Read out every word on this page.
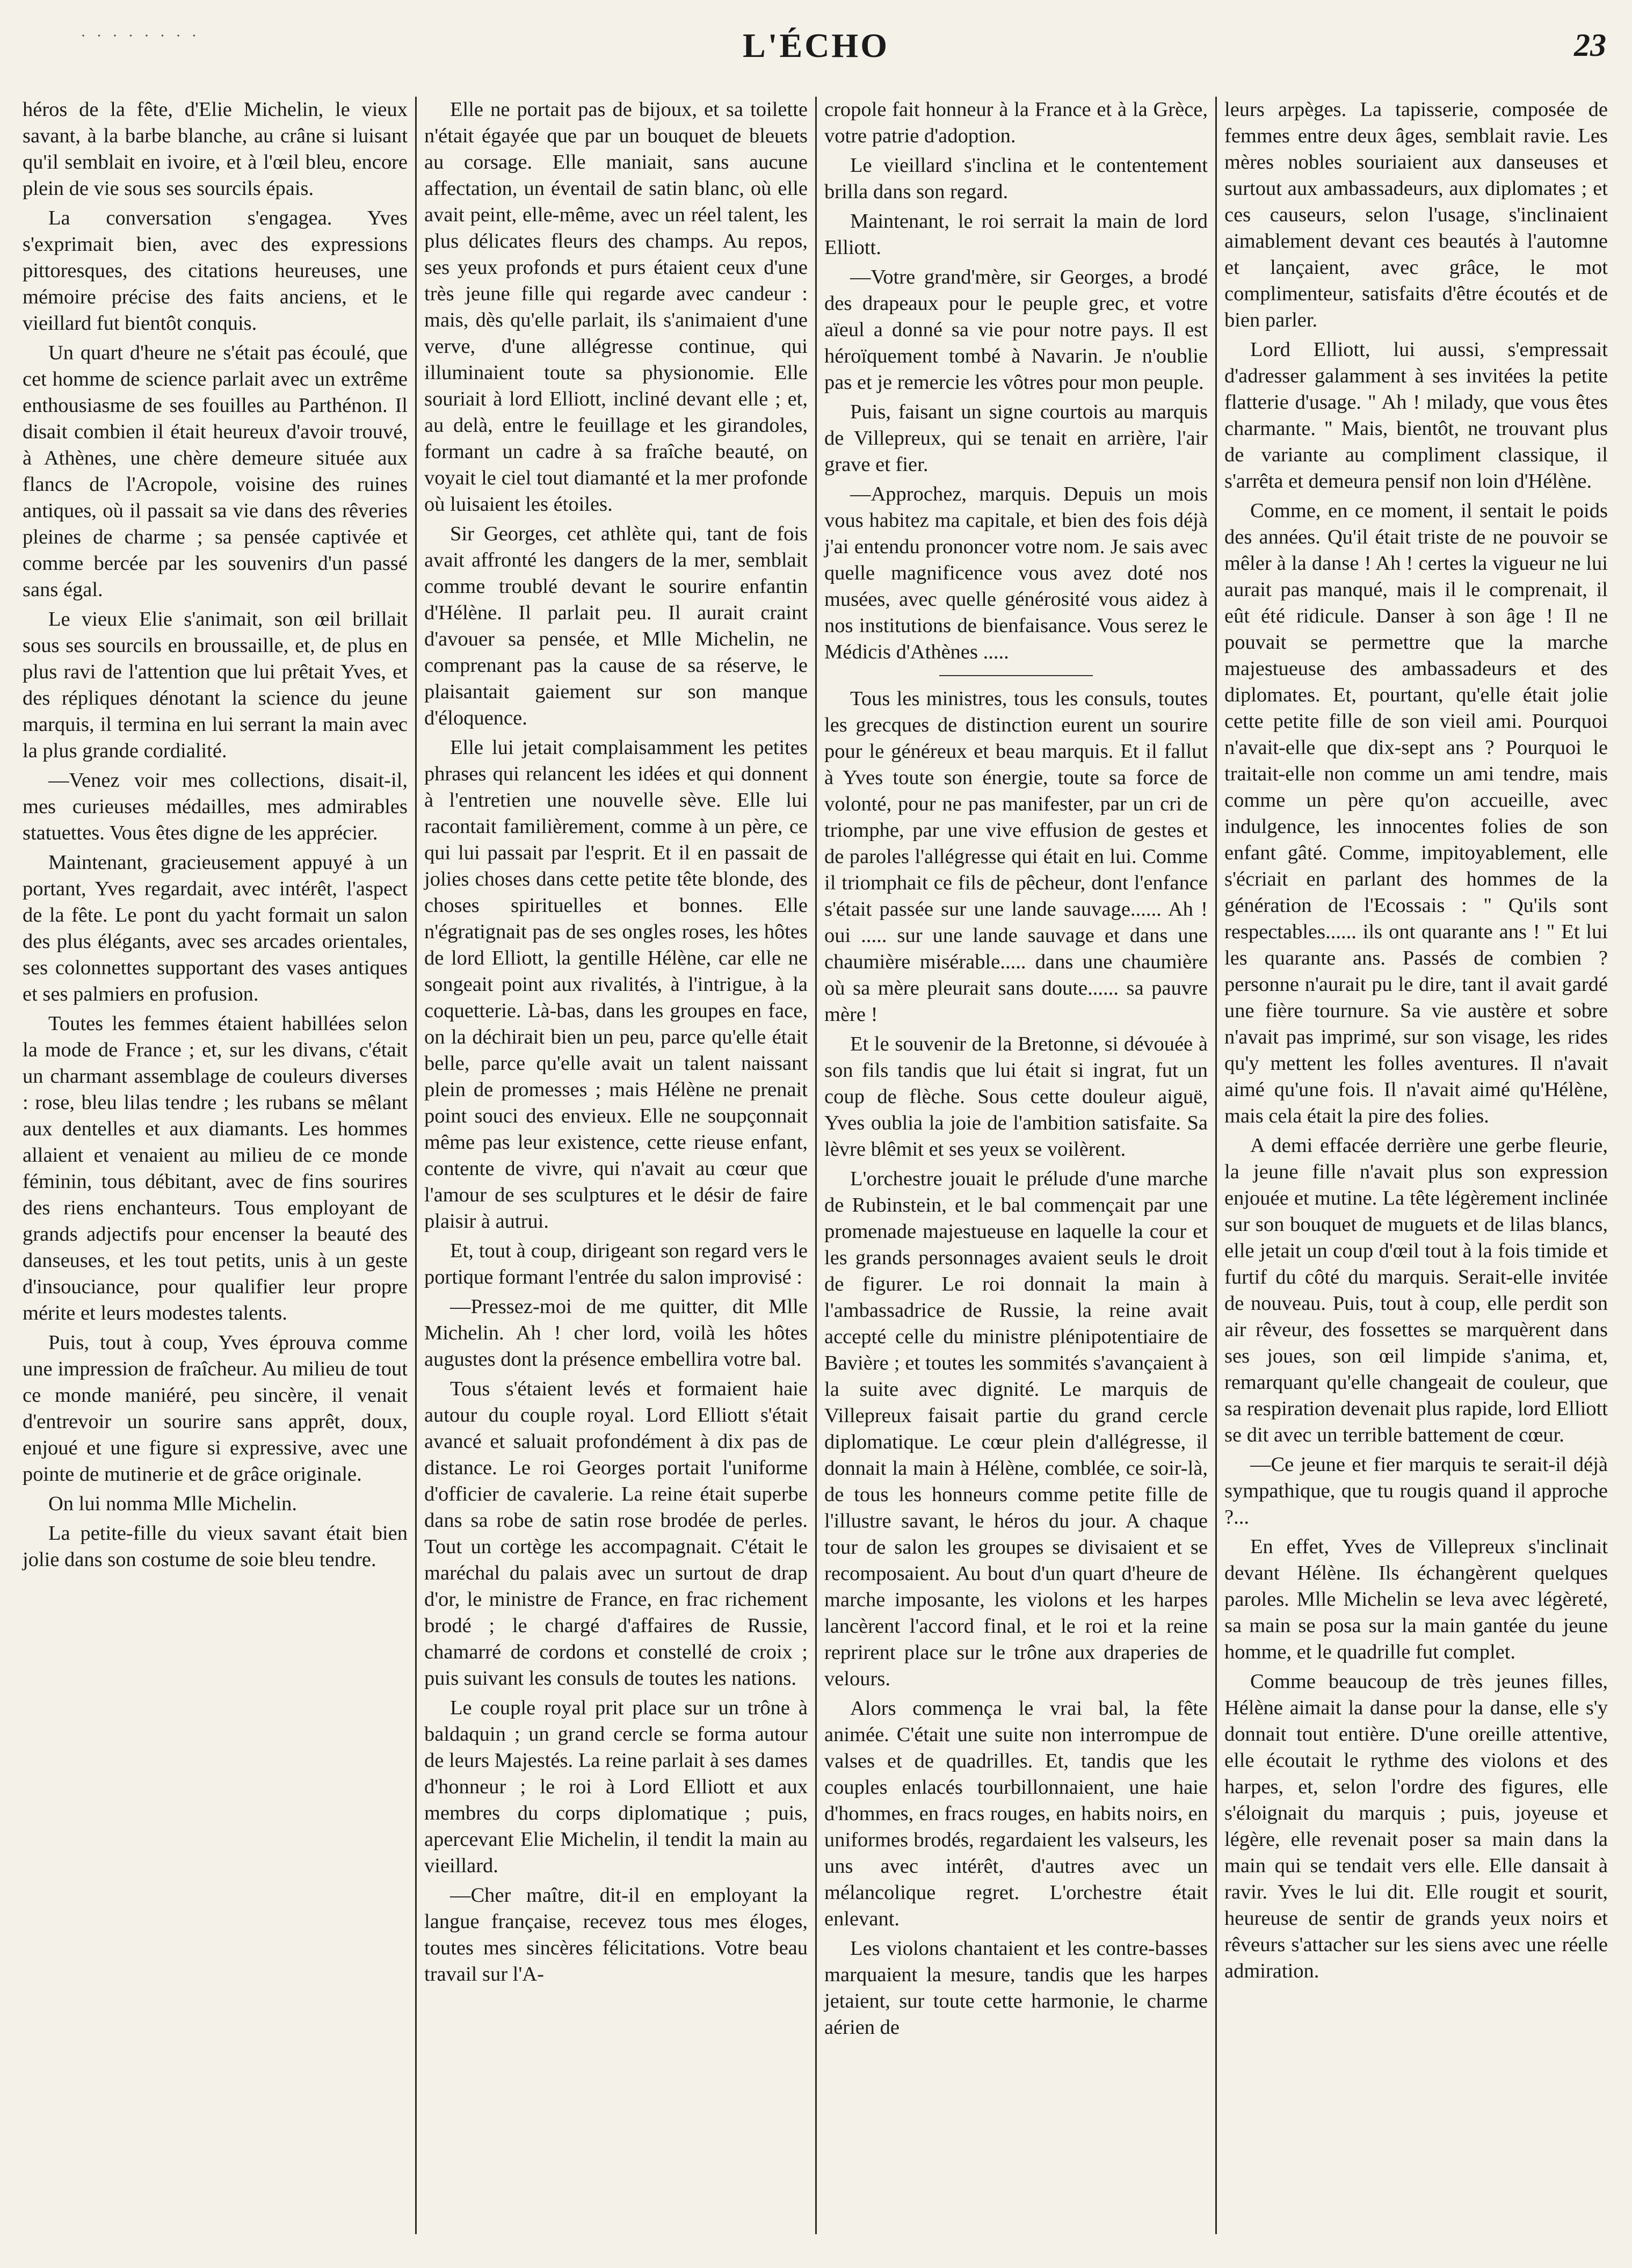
· · · · · · · ·	L'ÉCHO	23

héros de la fête, d'Elie Michelin, le vieux savant, à la barbe blanche, au crâne si luisant qu'il semblait en ivoire, et à l'œil bleu, encore plein de vie sous ses sourcils épais.

La conversation s'engagea. Yves s'exprimait bien, avec des expressions pittoresques, des citations heureuses, une mémoire précise des faits anciens, et le vieillard fut bientôt conquis.

Un quart d'heure ne s'était pas écoulé, que cet homme de science parlait avec un extrême enthousiasme de ses fouilles au Parthénon. Il disait combien il était heureux d'avoir trouvé, à Athènes, une chère demeure située aux flancs de l'Acropole, voisine des ruines antiques, où il passait sa vie dans des rêveries pleines de charme ; sa pensée captivée et comme bercée par les souvenirs d'un passé sans égal.

Le vieux Elie s'animait, son œil brillait sous ses sourcils en broussaille, et, de plus en plus ravi de l'attention que lui prêtait Yves, et des répliques dénotant la science du jeune marquis, il termina en lui serrant la main avec la plus grande cordialité.

—Venez voir mes collections, disait-il, mes curieuses médailles, mes admirables statuettes. Vous êtes digne de les apprécier.

Maintenant, gracieusement appuyé à un portant, Yves regardait, avec intérêt, l'aspect de la fête. Le pont du yacht formait un salon des plus élégants, avec ses arcades orientales, ses colonnettes supportant des vases antiques et ses palmiers en profusion.

Toutes les femmes étaient habillées selon la mode de France ; et, sur les divans, c'était un charmant assemblage de couleurs diverses : rose, bleu lilas tendre ; les rubans se mêlant aux dentelles et aux diamants. Les hommes allaient et venaient au milieu de ce monde féminin, tous débitant, avec de fins sourires des riens enchanteurs. Tous employant de grands adjectifs pour encenser la beauté des danseuses, et les tout petits, unis à un geste d'insouciance, pour qualifier leur propre mérite et leurs modestes talents.

Puis, tout à coup, Yves éprouva comme une impression de fraîcheur. Au milieu de tout ce monde maniéré, peu sincère, il venait d'entrevoir un sourire sans apprêt, doux, enjoué et une figure si expressive, avec une pointe de mutinerie et de grâce originale.

On lui nomma Mlle Michelin.

La petite-fille du vieux savant était bien jolie dans son costume de soie bleu tendre.

Elle ne portait pas de bijoux, et sa toilette n'était égayée que par un bouquet de bleuets au corsage. Elle maniait, sans aucune affectation, un éventail de satin blanc, où elle avait peint, elle-même, avec un réel talent, les plus délicates fleurs des champs. Au repos, ses yeux profonds et purs étaient ceux d'une très jeune fille qui regarde avec candeur : mais, dès qu'elle parlait, ils s'animaient d'une verve, d'une allégresse continue, qui illuminaient toute sa physionomie. Elle souriait à lord Elliott, incliné devant elle ; et, au delà, entre le feuillage et les girandoles, formant un cadre à sa fraîche beauté, on voyait le ciel tout diamanté et la mer profonde où luisaient les étoiles.

Sir Georges, cet athlète qui, tant de fois avait affronté les dangers de la mer, semblait comme troublé devant le sourire enfantin d'Hélène. Il parlait peu. Il aurait craint d'avouer sa pensée, et Mlle Michelin, ne comprenant pas la cause de sa réserve, le plaisantait gaiement sur son manque d'éloquence.

Elle lui jetait complaisamment les petites phrases qui relancent les idées et qui donnent à l'entretien une nouvelle sève. Elle lui racontait familièrement, comme à un père, ce qui lui passait par l'esprit. Et il en passait de jolies choses dans cette petite tête blonde, des choses spirituelles et bonnes. Elle n'égratignait pas de ses ongles roses, les hôtes de lord Elliott, la gentille Hélène, car elle ne songeait point aux rivalités, à l'intrigue, à la coquetterie. Là-bas, dans les groupes en face, on la déchirait bien un peu, parce qu'elle était belle, parce qu'elle avait un talent naissant plein de promesses ; mais Hélène ne prenait point souci des envieux. Elle ne soupçonnait même pas leur existence, cette rieuse enfant, contente de vivre, qui n'avait au cœur que l'amour de ses sculptures et le désir de faire plaisir à autrui.

Et, tout à coup, dirigeant son regard vers le portique formant l'entrée du salon improvisé :

—Pressez-moi de me quitter, dit Mlle Michelin. Ah ! cher lord, voilà les hôtes augustes dont la présence embellira votre bal.

Tous s'étaient levés et formaient haie autour du couple royal. Lord Elliott s'était avancé et saluait profondément à dix pas de distance. Le roi Georges portait l'uniforme d'officier de cavalerie. La reine était superbe dans sa robe de satin rose brodée de perles. Tout un cortège les accompagnait. C'était le maréchal du palais avec un surtout de drap d'or, le ministre de France, en frac richement brodé ; le chargé d'affaires de Russie, chamarré de cordons et constellé de croix ; puis suivant les consuls de toutes les nations.

Le couple royal prit place sur un trône à baldaquin ; un grand cercle se forma autour de leurs Majestés. La reine parlait à ses dames d'honneur ; le roi à Lord Elliott et aux membres du corps diplomatique ; puis, apercevant Elie Michelin, il tendit la main au vieillard.

—Cher maître, dit-il en employant la langue française, recevez tous mes éloges, toutes mes sincères félicitations. Votre beau travail sur l'A-

cropole fait honneur à la France et à la Grèce, votre patrie d'adoption.

Le vieillard s'inclina et le contentement brilla dans son regard.

Maintenant, le roi serrait la main de lord Elliott.

—Votre grand'mère, sir Georges, a brodé des drapeaux pour le peuple grec, et votre aïeul a donné sa vie pour notre pays. Il est héroïquement tombé à Navarin. Je n'oublie pas et je remercie les vôtres pour mon peuple.

Puis, faisant un signe courtois au marquis de Villepreux, qui se tenait en arrière, l'air grave et fier.

—Approchez, marquis. Depuis un mois vous habitez ma capitale, et bien des fois déjà j'ai entendu prononcer votre nom. Je sais avec quelle magnificence vous avez doté nos musées, avec quelle générosité vous aidez à nos institutions de bienfaisance. Vous serez le Médicis d'Athènes .....

Tous les ministres, tous les consuls, toutes les grecques de distinction eurent un sourire pour le généreux et beau marquis. Et il fallut à Yves toute son énergie, toute sa force de volonté, pour ne pas manifester, par un cri de triomphe, par une vive effusion de gestes et de paroles l'allégresse qui était en lui. Comme il triomphait ce fils de pêcheur, dont l'enfance s'était passée sur une lande sauvage...... Ah ! oui ..... sur une lande sauvage et dans une chaumière misérable..... dans une chaumière où sa mère pleurait sans doute...... sa pauvre mère !

Et le souvenir de la Bretonne, si dévouée à son fils tandis que lui était si ingrat, fut un coup de flèche. Sous cette douleur aiguë, Yves oublia la joie de l'ambition satisfaite. Sa lèvre blêmit et ses yeux se voilèrent.

L'orchestre jouait le prélude d'une marche de Rubinstein, et le bal commençait par une promenade majestueuse en laquelle la cour et les grands personnages avaient seuls le droit de figurer. Le roi donnait la main à l'ambassadrice de Russie, la reine avait accepté celle du ministre plénipotentiaire de Bavière ; et toutes les sommités s'avançaient à la suite avec dignité. Le marquis de Villepreux faisait partie du grand cercle diplomatique. Le cœur plein d'allégresse, il donnait la main à Hélène, comblée, ce soir-là, de tous les honneurs comme petite fille de l'illustre savant, le héros du jour. A chaque tour de salon les groupes se divisaient et se recomposaient. Au bout d'un quart d'heure de marche imposante, les violons et les harpes lancèrent l'accord final, et le roi et la reine reprirent place sur le trône aux draperies de velours.

Alors commença le vrai bal, la fête animée. C'était une suite non interrompue de valses et de quadrilles. Et, tandis que les couples enlacés tourbillonnaient, une haie d'hommes, en fracs rouges, en habits noirs, en uniformes brodés, regardaient les valseurs, les uns avec intérêt, d'autres avec un mélancolique regret. L'orchestre était enlevant.

Les violons chantaient et les contre-basses marquaient la mesure, tandis que les harpes jetaient, sur toute cette harmonie, le charme aérien de

leurs arpèges. La tapisserie, composée de femmes entre deux âges, semblait ravie. Les mères nobles souriaient aux danseuses et surtout aux ambassadeurs, aux diplomates ; et ces causeurs, selon l'usage, s'inclinaient aimablement devant ces beautés à l'automne et lançaient, avec grâce, le mot complimenteur, satisfaits d'être écoutés et de bien parler.

Lord Elliott, lui aussi, s'empressait d'adresser galamment à ses invitées la petite flatterie d'usage. " Ah ! milady, que vous êtes charmante. " Mais, bientôt, ne trouvant plus de variante au compliment classique, il s'arrêta et demeura pensif non loin d'Hélène.

Comme, en ce moment, il sentait le poids des années. Qu'il était triste de ne pouvoir se mêler à la danse ! Ah ! certes la vigueur ne lui aurait pas manqué, mais il le comprenait, il eût été ridicule. Danser à son âge ! Il ne pouvait se permettre que la marche majestueuse des ambassadeurs et des diplomates. Et, pourtant, qu'elle était jolie cette petite fille de son vieil ami. Pourquoi n'avait-elle que dix-sept ans ? Pourquoi le traitait-elle non comme un ami tendre, mais comme un père qu'on accueille, avec indulgence, les innocentes folies de son enfant gâté. Comme, impitoyablement, elle s'écriait en parlant des hommes de la génération de l'Ecossais : " Qu'ils sont respectables...... ils ont quarante ans ! " Et lui les quarante ans. Passés de combien ? personne n'aurait pu le dire, tant il avait gardé une fière tournure. Sa vie austère et sobre n'avait pas imprimé, sur son visage, les rides qu'y mettent les folles aventures. Il n'avait aimé qu'une fois. Il n'avait aimé qu'Hélène, mais cela était la pire des folies.

A demi effacée derrière une gerbe fleurie, la jeune fille n'avait plus son expression enjouée et mutine. La tête légèrement inclinée sur son bouquet de muguets et de lilas blancs, elle jetait un coup d'œil tout à la fois timide et furtif du côté du marquis. Serait-elle invitée de nouveau. Puis, tout à coup, elle perdit son air rêveur, des fossettes se marquèrent dans ses joues, son œil limpide s'anima, et, remarquant qu'elle changeait de couleur, que sa respiration devenait plus rapide, lord Elliott se dit avec un terrible battement de cœur.

—Ce jeune et fier marquis te serait-il déjà sympathique, que tu rougis quand il approche ?...

En effet, Yves de Villepreux s'inclinait devant Hélène. Ils échangèrent quelques paroles. Mlle Michelin se leva avec légèreté, sa main se posa sur la main gantée du jeune homme, et le quadrille fut complet.

Comme beaucoup de très jeunes filles, Hélène aimait la danse pour la danse, elle s'y donnait tout entière. D'une oreille attentive, elle écoutait le rythme des violons et des harpes, et, selon l'ordre des figures, elle s'éloignait du marquis ; puis, joyeuse et légère, elle revenait poser sa main dans la main qui se tendait vers elle. Elle dansait à ravir. Yves le lui dit. Elle rougit et sourit, heureuse de sentir de grands yeux noirs et rêveurs s'attacher sur les siens avec une réelle admiration.
